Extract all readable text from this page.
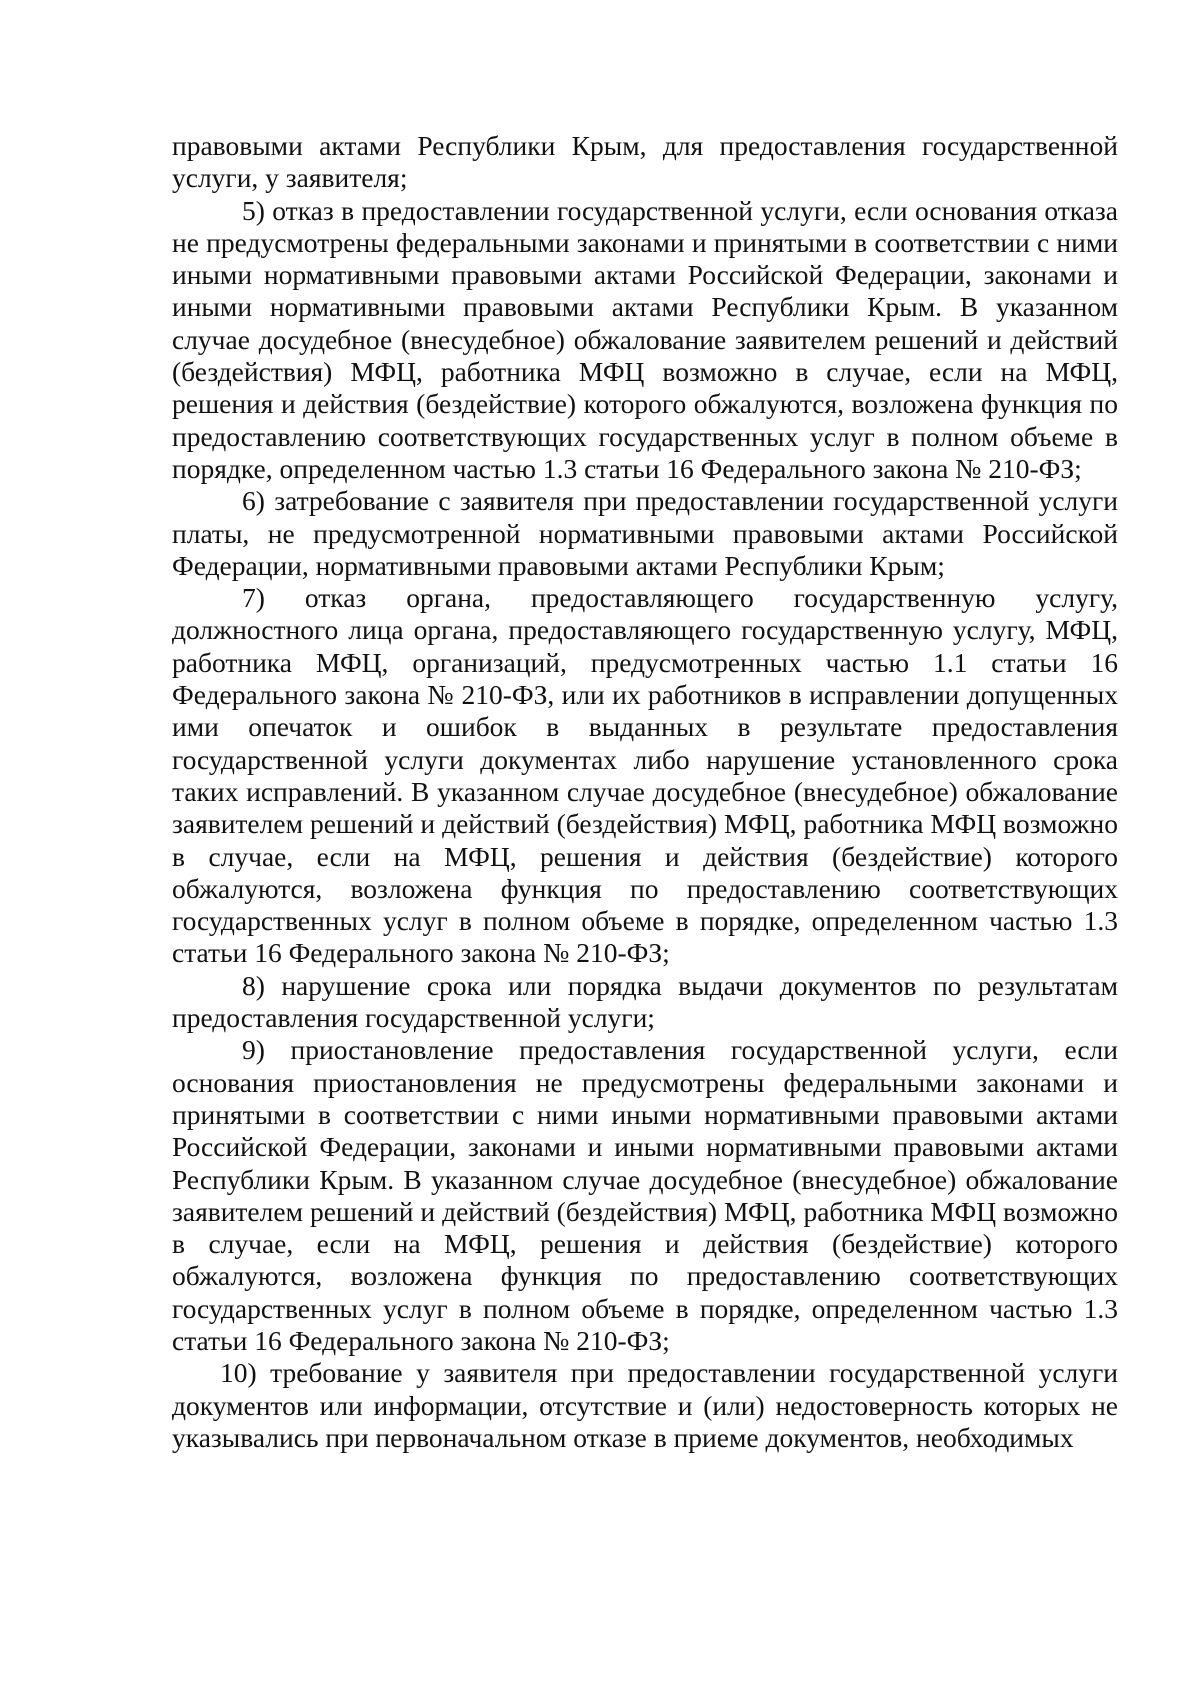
правовыми актами Республики Крым, для предоставления государственной услуги, у заявителя;

5) отказ в предоставлении государственной услуги, если основания отказа не предусмотрены федеральными законами и принятыми в соответствии с ними иными нормативными правовыми актами Российской Федерации, законами и иными нормативными правовыми актами Республики Крым. В указанном случае досудебное (внесудебное) обжалование заявителем решений и действий (бездействия) МФЦ, работника МФЦ возможно в случае, если на МФЦ, решения и действия (бездействие) которого обжалуются, возложена функция по предоставлению соответствующих государственных услуг в полном объеме в порядке, определенном частью 1.3 статьи 16 Федерального закона № 210-ФЗ;

6) затребование с заявителя при предоставлении государственной услуги платы, не предусмотренной нормативными правовыми актами Российской Федерации, нормативными правовыми актами Республики Крым;

7) отказ органа, предоставляющего государственную услугу, должностного лица органа, предоставляющего государственную услугу, МФЦ, работника МФЦ, организаций, предусмотренных частью 1.1 статьи 16 Федерального закона № 210-ФЗ, или их работников в исправлении допущенных ими опечаток и ошибок в выданных в результате предоставления государственной услуги документах либо нарушение установленного срока таких исправлений. В указанном случае досудебное (внесудебное) обжалование заявителем решений и действий (бездействия) МФЦ, работника МФЦ возможно в случае, если на МФЦ, решения и действия (бездействие) которого обжалуются, возложена функция по предоставлению соответствующих государственных услуг в полном объеме в порядке, определенном частью 1.3 статьи 16 Федерального закона № 210-ФЗ;

8) нарушение срока или порядка выдачи документов по результатам предоставления государственной услуги;

9) приостановление предоставления государственной услуги, если основания приостановления не предусмотрены федеральными законами и принятыми в соответствии с ними иными нормативными правовыми актами Российской Федерации, законами и иными нормативными правовыми актами Республики Крым. В указанном случае досудебное (внесудебное) обжалование заявителем решений и действий (бездействия) МФЦ, работника МФЦ возможно в случае, если на МФЦ, решения и действия (бездействие) которого обжалуются, возложена функция по предоставлению соответствующих государственных услуг в полном объеме в порядке, определенном частью 1.3 статьи 16 Федерального закона № 210-ФЗ;

10) требование у заявителя при предоставлении государственной услуги документов или информации, отсутствие и (или) недостоверность которых не указывались при первоначальном отказе в приеме документов, необходимых
